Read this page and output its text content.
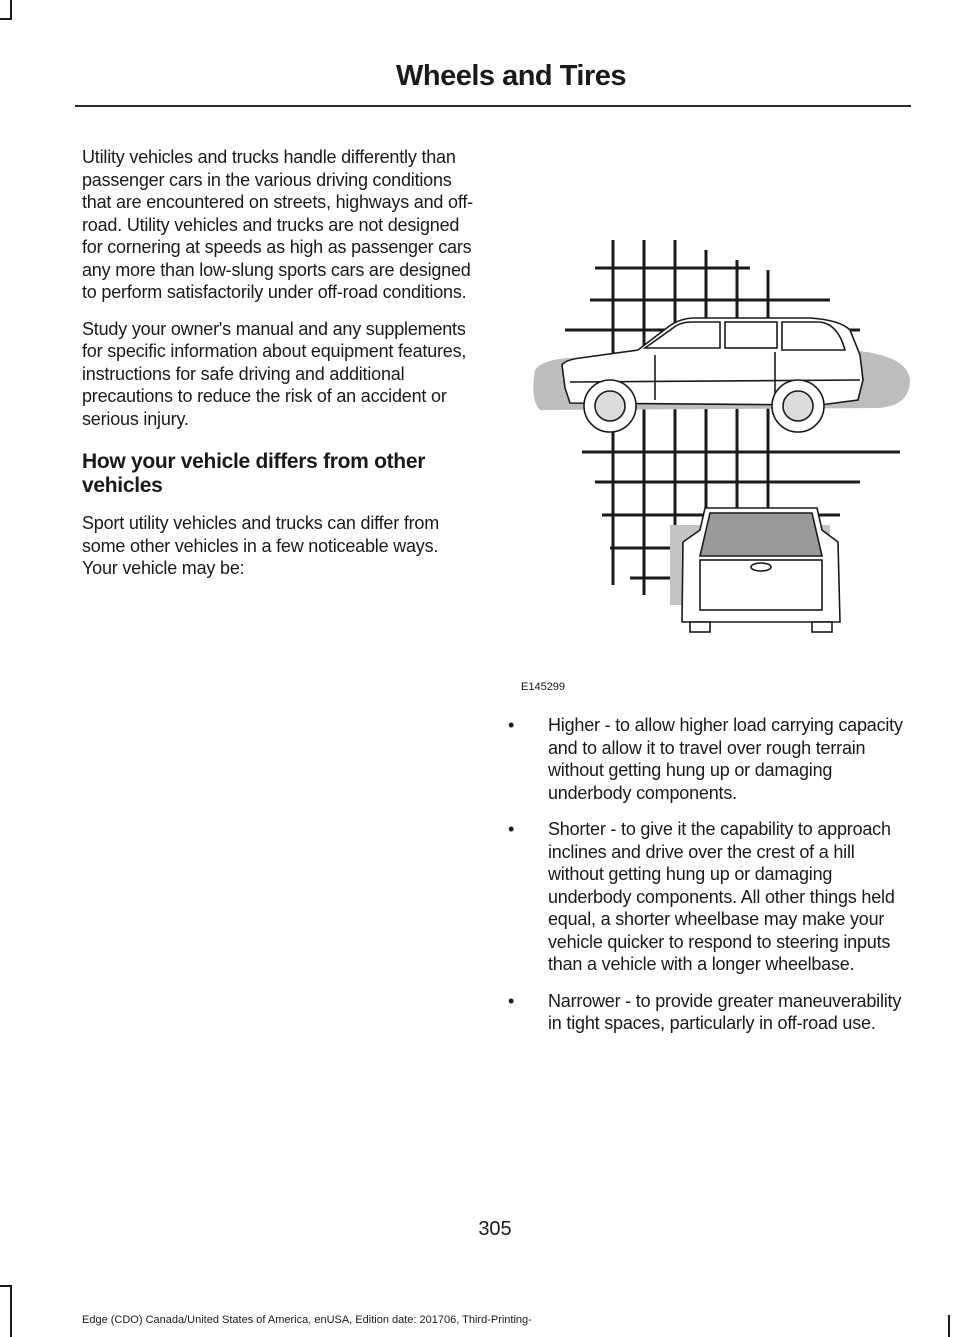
Wheels and Tires

Utility vehicles and trucks handle differently than passenger cars in the various driving conditions that are encountered on streets, highways and off-road. Utility vehicles and trucks are not designed for cornering at speeds as high as passenger cars any more than low-slung sports cars are designed to perform satisfactorily under off-road conditions.

Study your owner's manual and any supplements for specific information about equipment features, instructions for safe driving and additional precautions to reduce the risk of an accident or serious injury.

How your vehicle differs from other vehicles

Sport utility vehicles and trucks can differ from some other vehicles in a few noticeable ways. Your vehicle may be:

E145299
•	Higher - to allow higher load carrying capacity and to allow it to travel over rough terrain without getting hung up or damaging underbody components.
•	Shorter - to give it the capability to approach inclines and drive over the crest of a hill without getting hung up or damaging underbody components. All other things held equal, a shorter wheelbase may make your vehicle quicker to respond to steering inputs than a vehicle with a longer wheelbase.
•	Narrower - to provide greater maneuverability in tight spaces, particularly in off-road use.
305
Edge (CDO) Canada/United States of America, enUSA, Edition date: 201706, Third-Printing-
